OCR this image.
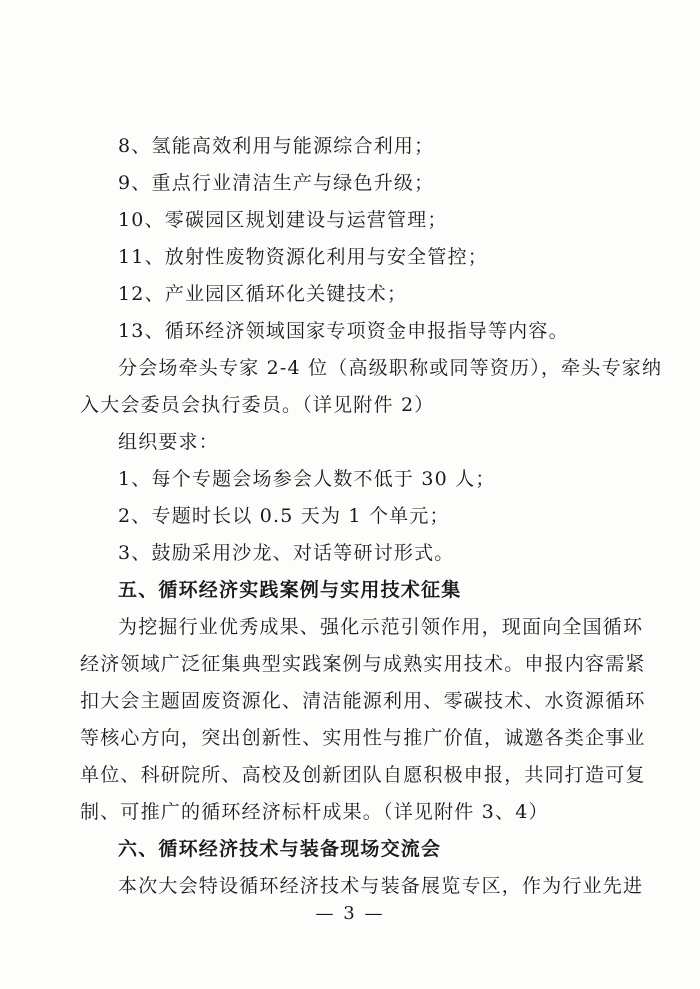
8、氢能高效利用与能源综合利用；
9、重点行业清洁生产与绿色升级；
10、零碳园区规划建设与运营管理；
11、放射性废物资源化利用与安全管控；
12、产业园区循环化关键技术；
13、循环经济领域国家专项资金申报指导等内容。
分会场牵头专家 2-4 位（高级职称或同等资历），牵头专家纳
入大会委员会执行委员。（详见附件 2）
组织要求：
1、每个专题会场参会人数不低于 30 人；
2、专题时长以 0.5 天为 1 个单元；
3、鼓励采用沙龙、对话等研讨形式。
五、循环经济实践案例与实用技术征集
为挖掘行业优秀成果、强化示范引领作用，现面向全国循环
经济领域广泛征集典型实践案例与成熟实用技术。申报内容需紧
扣大会主题固废资源化、清洁能源利用、零碳技术、水资源循环
等核心方向，突出创新性、实用性与推广价值，诚邀各类企事业
单位、科研院所、高校及创新团队自愿积极申报，共同打造可复
制、可推广的循环经济标杆成果。（详见附件 3、4）
六、循环经济技术与装备现场交流会
本次大会特设循环经济技术与装备展览专区，作为行业先进
— 3 —
